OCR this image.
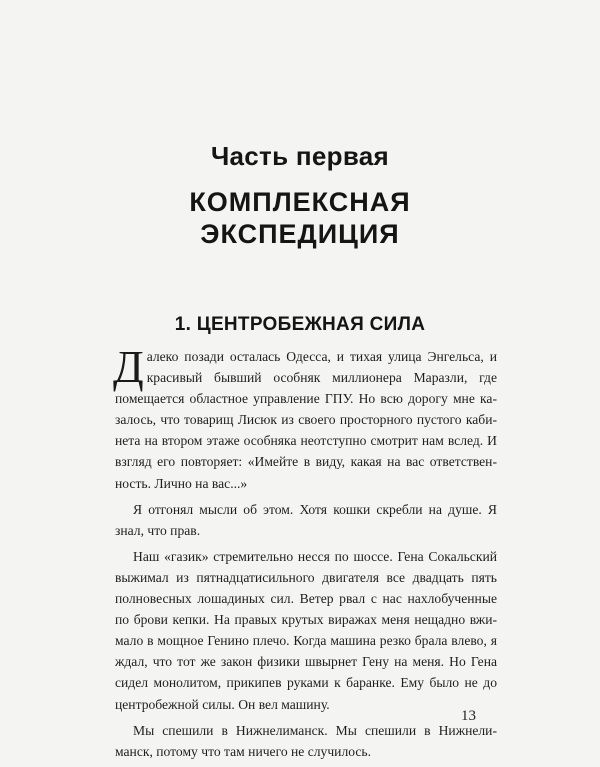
Часть первая
КОМПЛЕКСНАЯ
ЭКСПЕДИЦИЯ
1. ЦЕНТРОБЕЖНАЯ СИЛА

Далеко позади осталась Одесса, и тихая улица Энгельса, и красивый бывший особняк миллионера Маразли, где помещается областное управление ГПУ. Но всю дорогу мне казалось, что товарищ Лисюк из своего просторного пустого кабинета на втором этаже особняка неотступно смотрит нам вслед. И взгляд его повторяет: «Имейте в виду, какая на вас ответственность. Лично на вас...»

Я отгонял мысли об этом. Хотя кошки скребли на душе. Я знал, что прав.

Наш «газик» стремительно несся по шоссе. Гена Сокальский выжимал из пятнадцатисильного двигателя все двадцать пять полновесных лошадиных сил. Ветер рвал с нас нахлобученные по брови кепки. На правых крутых виражах меня нещадно вжимало в мощное Генино плечо. Когда машина резко брала влево, я ждал, что тот же закон физики швырнет Гену на меня. Но Гена сидел монолитом, прикипев руками к баранке. Ему было не до центробежной силы. Он вел машину.

Мы спешили в Нижнелиманск. Мы спешили в Нижнелиманск, потому что там ничего не случилось.

13
